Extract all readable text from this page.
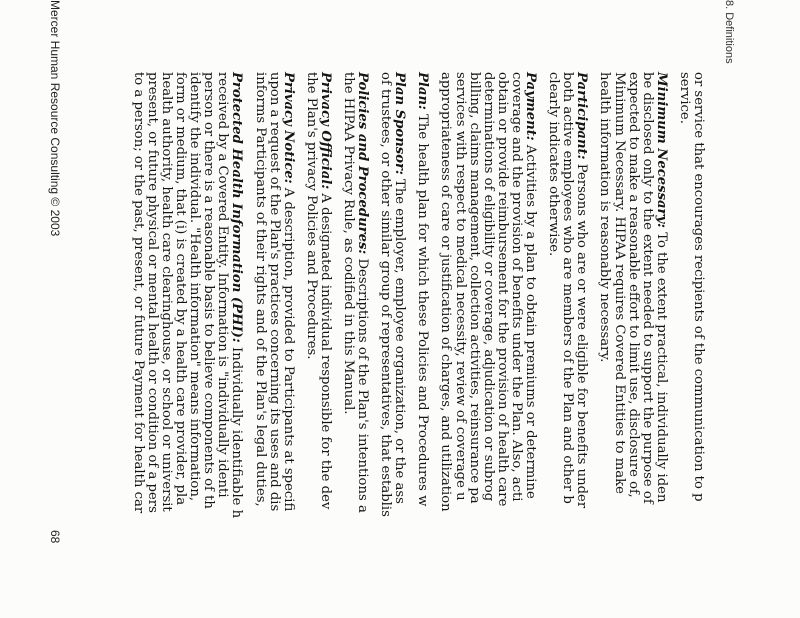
8. Definitions

or service that encourages recipients of the communication to p
service.

Minimum Necessary: To the extent practical, individually iden
be disclosed only to the extent needed to support the purpose of
expected to make a reasonable effort to limit use, disclosure of,
Minimum Necessary. HIPAA requires Covered Entities to make
health information is reasonably necessary.

Participant: Persons who are or were eligible for benefits under
both active employees who are members of the Plan and other b
clearly indicates otherwise.

Payment: Activities by a plan to obtain premiums or determine
coverage and the provision of benefits under the Plan. Also, acti
obtain or provide reimbursement for the provision of health care
determinations of eligibility or coverage, adjudication or subrog
billing, claims management, collection activities, reinsurance pa
services with respect to medical necessity, review of coverage u
appropriateness of care or justification of charges, and utilization

Plan: The health plan for which these Policies and Procedures w

Plan Sponsor: The employer, employee organization, or the ass
of trustees, or other similar group of representatives, that establis

Policies and Procedures: Descriptions of the Plan's intentions a
the HIPAA Privacy Rule, as codified in this Manual.

Privacy Official: A designated individual responsible for the dev
the Plan's privacy Policies and Procedures.

Privacy Notice: A description, provided to Participants at specifi
upon a request of the Plan's practices concerning its uses and dis
informs Participants of their rights and of the Plan's legal duties,

Protected Health Information (PHI): Individually identifiable h
received by a Covered Entity. Information is "individually identi
person or there is a reasonable basis to believe components of th
identify the individual. "Health information" means information,
form or medium, that (i) is created by a health care provider, pla
health authority, health care clearinghouse, or school or universit
present, or future physical or mental health or condition of a pers
to a person; or the past, present, or future Payment for health car

Mercer Human Resource Consulting © 2003
68
